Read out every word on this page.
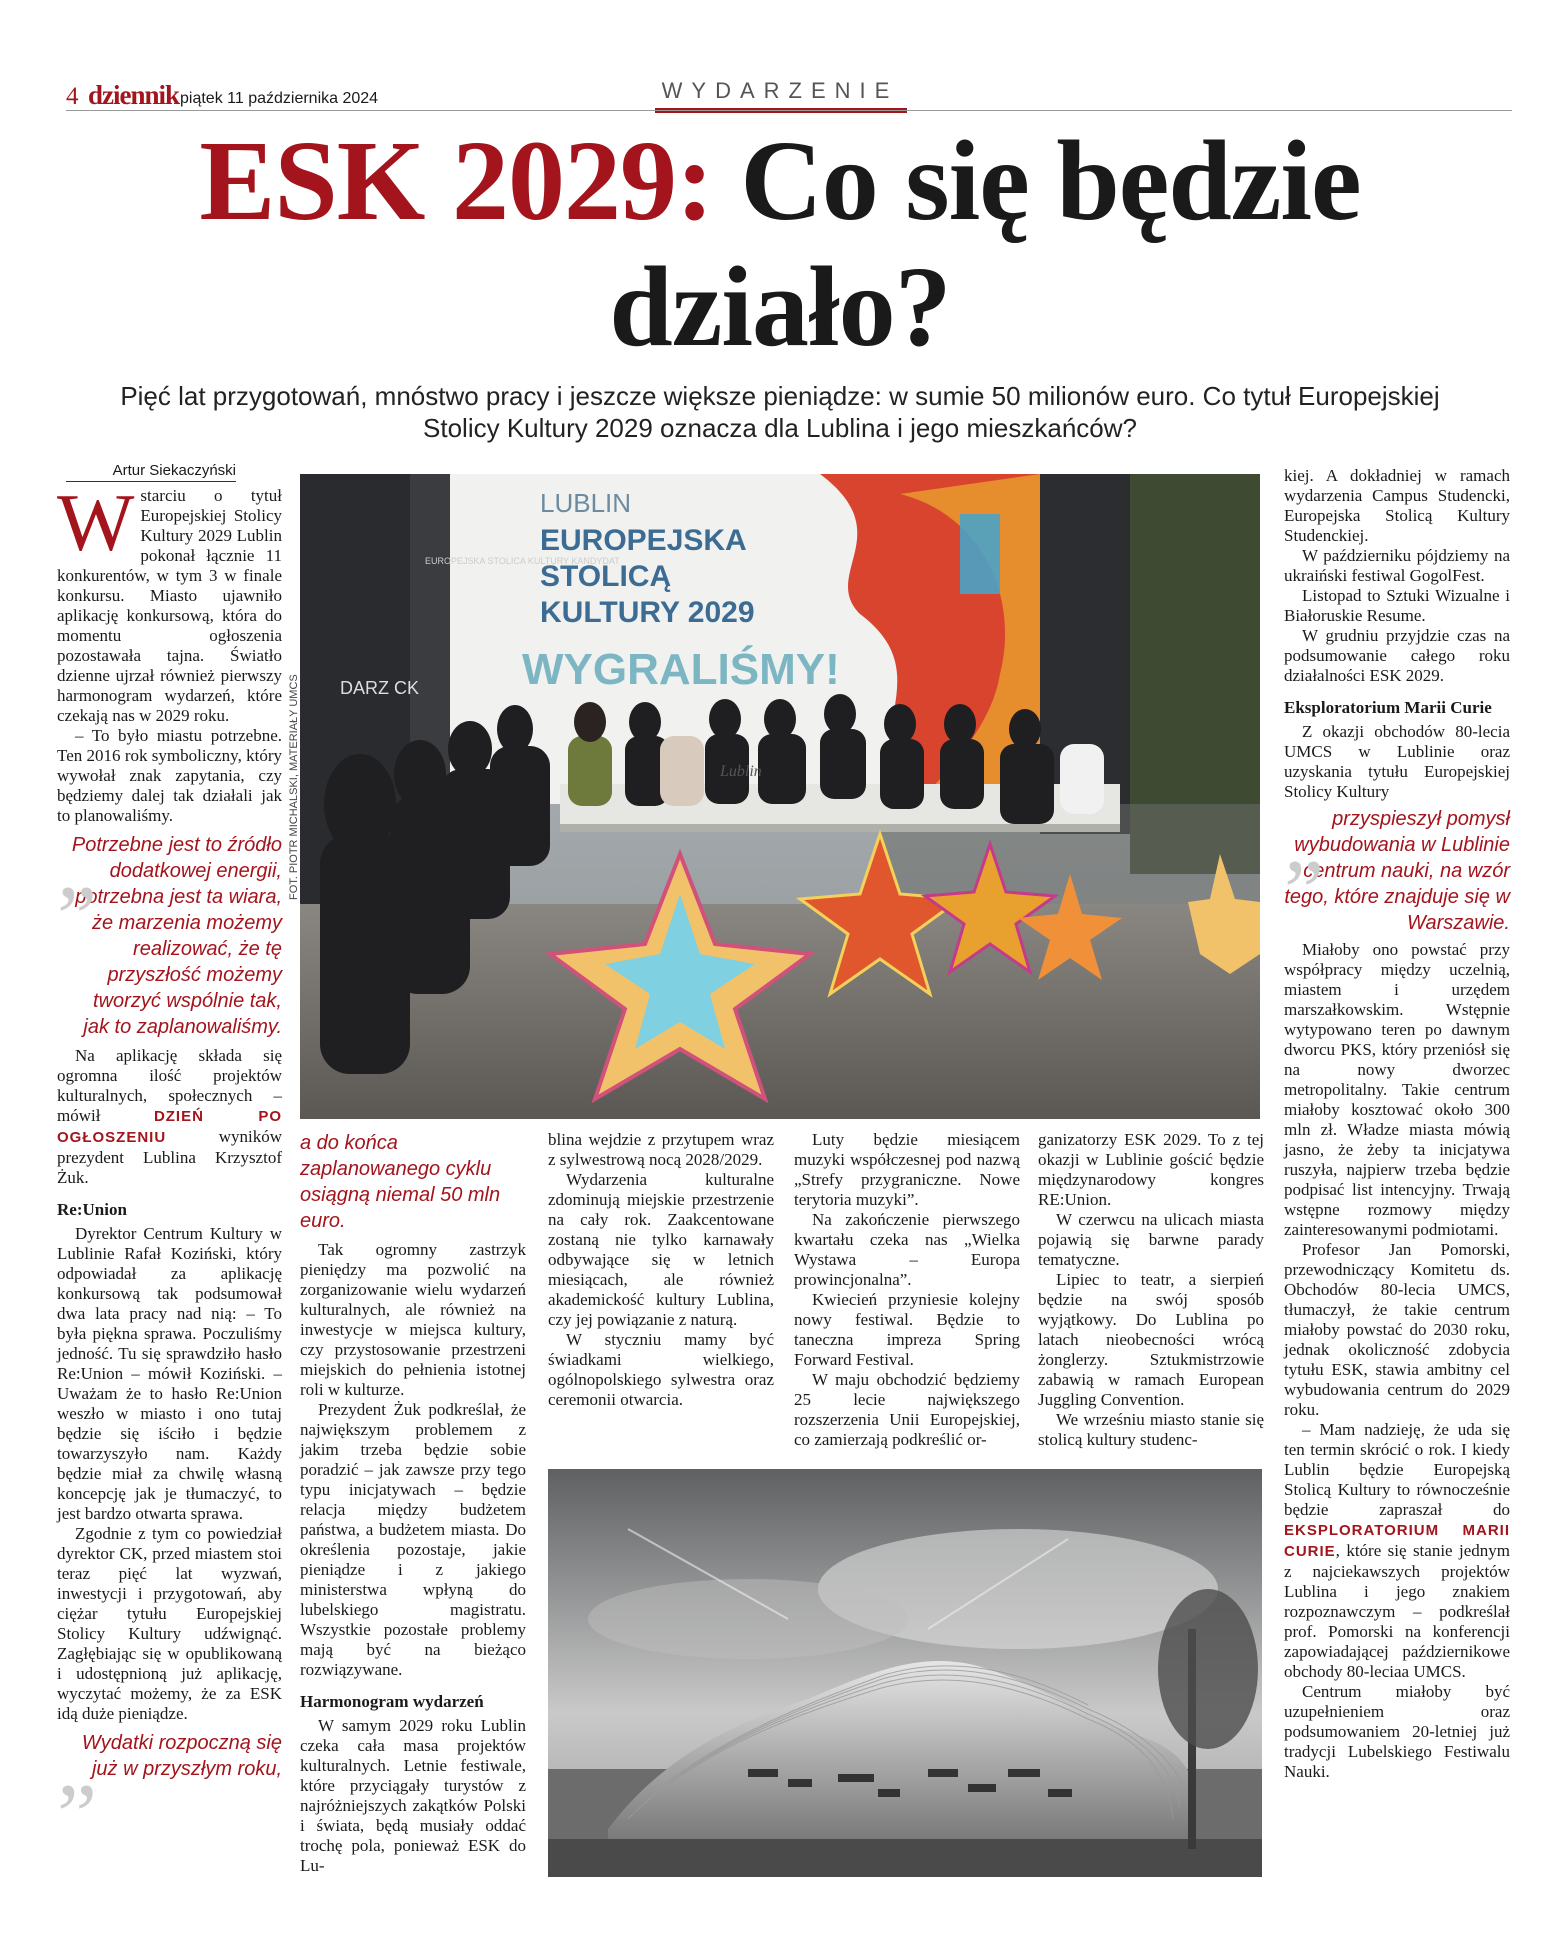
4 dziennik piątek 11 października 2024	WYDARZENIE
ESK 2029: Co się będzie
działo?
Pięć lat przygotowań, mnóstwo pracy i jeszcze większe pieniądze: w sumie 50 milionów euro. Co tytuł Europejskiej Stolicy Kultury 2029 oznacza dla Lublina i jego mieszkańców?
Artur Siekaczyński

Wstarciu o tytuł Europejskiej Stolicy Kultury 2029 Lublin pokonał łącznie 11 konkurentów, w tym 3 w finale konkursu. Miasto ujawniło aplikację konkursową, która do momentu ogłoszenia pozostawała tajna. Światło dzienne ujrzał również pierwszy harmonogram wydarzeń, które czekają nas w 2029 roku.

– To było miastu potrzebne. Ten 2016 rok symboliczny, który wywołał znak zapytania, czy będziemy dalej tak działali jak to planowaliśmy.

„
Potrzebne jest to źródło dodatkowej energii, potrzebna jest ta wiara, że marzenia możemy realizować, że tę przyszłość możemy tworzyć wspólnie tak, jak to zaplanowaliśmy.

Na aplikację składa się ogromna ilość projektów kulturalnych, społecznych – mówił	DZIEŃ PO OGŁOSZENIU	wyników prezydent Lublina Krzysztof Żuk.

Re:Union

Dyrektor Centrum Kultury w Lublinie Rafał Koziński, który odpowiadał za aplikację konkursową tak podsumował dwa lata pracy nad nią: – To była piękna sprawa. Poczuliśmy jedność. Tu się sprawdziło hasło Re:Union – mówił Koziński. – Uważam że to hasło Re:Union weszło w miasto i ono tutaj będzie się iściło i będzie towarzyszyło nam. Każdy będzie miał za chwilę własną koncepcję jak je tłumaczyć, to jest bardzo otwarta sprawa.

Zgodnie z tym co powiedział dyrektor CK, przed miastem stoi teraz pięć lat wyzwań, inwestycji i przygotowań, aby ciężar tytułu Europejskiej Stolicy Kultury udźwignąć. Zagłębiając się w opublikowaną i udostępnioną już aplikację, wyczytać możemy, że za ESK idą duże pieniądze.

„
Wydatki rozpoczną się już w przyszłym roku,
LUBLIN
EUROPEJSKA
STOLICĄ
KULTURY 2029
WYGRALIŚMY!
Lublin
EUROPEJSKA STOLICA KULTURY KANDYDAT
DARZ CK
FOT. PIOTR MICHALSKI, MATERIAŁY UMCS
a do końca zaplanowanego cyklu osiągną niemal 50 mln euro.

Tak ogromny zastrzyk pieniędzy ma pozwolić na zorganizowanie wielu wydarzeń kulturalnych, ale również na inwestycje w miejsca kultury, czy przystosowanie przestrzeni miejskich do pełnienia istotnej roli w kulturze.

Prezydent Żuk podkreślał, że największym problemem z jakim trzeba będzie sobie poradzić – jak zawsze przy tego typu inicjatywach – będzie relacja między budżetem państwa, a budżetem miasta. Do określenia pozostaje, jakie pieniądze i z jakiego ministerstwa wpłyną do lubelskiego magistratu. Wszystkie pozostałe problemy mają być na bieżąco rozwiązywane.

Harmonogram wydarzeń

W samym 2029 roku Lublin czeka cała masa projektów kulturalnych. Letnie festiwale, które przyciągały turystów z najróżniejszych zakątków Polski i świata, będą musiały oddać trochę pola, ponieważ ESK do Lu-

blina wejdzie z przytupem wraz z sylwestrową nocą 2028/2029.

Wydarzenia kulturalne zdominują miejskie przestrzenie na cały rok. Zaakcentowane zostaną nie tylko karnawały odbywające się w letnich miesiącach, ale również akademickość kultury Lublina, czy jej powiązanie z naturą.

W styczniu mamy być świadkami wielkiego, ogólnopolskiego sylwestra oraz ceremonii otwarcia.

Luty będzie miesiącem muzyki współczesnej pod nazwą „Strefy przygraniczne. Nowe terytoria muzyki”.

Na zakończenie pierwszego kwartału czeka nas „Wielka Wystawa – Europa prowincjonalna”.

Kwiecień przyniesie kolejny nowy festiwal. Będzie to taneczna impreza Spring Forward Festival.

W maju obchodzić będziemy 25 lecie największego rozszerzenia Unii Europejskiej, co zamierzają podkreślić or-

ganizatorzy ESK 2029. To z tej okazji w Lublinie gościć będzie międzynarodowy kongres RE:Union.

W czerwcu na ulicach miasta pojawią się barwne parady tematyczne.

Lipiec to teatr, a sierpień będzie na swój sposób wyjątkowy. Do Lublina po latach nieobecności wrócą żonglerzy. Sztukmistrzowie zabawią w ramach European Juggling Convention.

We wrześniu miasto stanie się stolicą kultury studenc-

kiej. A dokładniej w ramach wydarzenia Campus Studencki, Europejska Stolicą Kultury Studenckiej.

W październiku pójdziemy na ukraiński festiwal GogolFest.

Listopad to Sztuki Wizualne i Białoruskie Resume.

W grudniu przyjdzie czas na podsumowanie całego roku działalności ESK 2029.

Eksploratorium Marii Curie

Z okazji obchodów 80-lecia UMCS w Lublinie oraz uzyskania tytułu Europejskiej Stolicy Kultury

„ przyspieszył pomysł wybudowania w Lublinie centrum nauki, na wzór tego, które znajduje się w Warszawie.

Miałoby ono powstać przy współpracy między uczelnią, miastem i urzędem marszałkowskim. Wstępnie wytypowano teren po dawnym dworcu PKS, który przeniósł się na nowy dworzec metropolitalny. Takie centrum miałoby kosztować około 300 mln zł. Władze miasta mówią jasno, że żeby ta inicjatywa ruszyła, najpierw trzeba będzie podpisać list intencyjny. Trwają wstępne rozmowy między zainteresowanymi podmiotami.

Profesor Jan Pomorski, przewodniczący Komitetu ds. Obchodów 80-lecia UMCS, tłumaczył, że takie centrum miałoby powstać do 2030 roku, jednak okoliczność zdobycia tytułu ESK, stawia ambitny cel wybudowania centrum do 2029 roku.

– Mam nadzieję, że uda się ten termin skrócić o rok. I kiedy Lublin będzie Europejską Stolicą Kultury to równocześnie będzie zapraszał do EKSPLORATORIUM MARII CURIE, które się stanie jednym z najciekawszych projektów Lublina i jego znakiem rozpoznawczym – podkreślał prof. Pomorski na konferencji zapowiadającej październikowe obchody 80-leciaa UMCS.

Centrum miałoby być uzupełnieniem oraz podsumowaniem 20-letniej już tradycji Lubelskiego Festiwalu Nauki.
